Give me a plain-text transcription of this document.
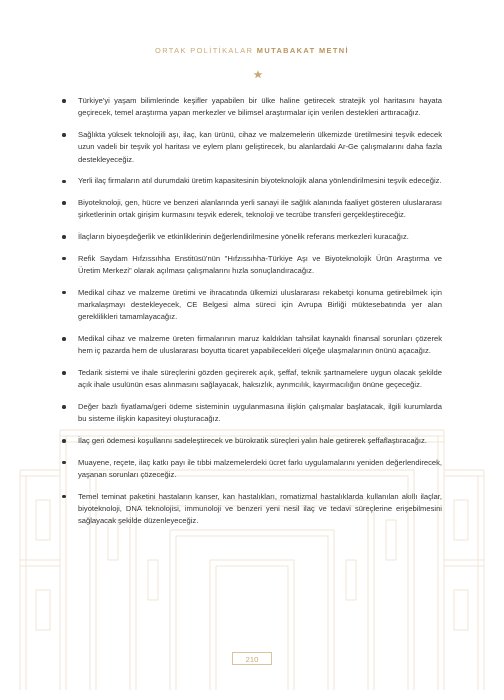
ORTAK POLİTİKALAR MUTABAKAT METNİ
Türkiye'yi yaşam bilimlerinde keşifler yapabilen bir ülke haline getirecek stratejik yol haritasını hayata geçirecek, temel araştırma yapan merkezler ve bilimsel araştırmalar için verilen destekleri arttıracağız.
Sağlıkta yüksek teknolojili aşı, ilaç, kan ürünü, cihaz ve malzemelerin ülkemizde üretilmesini teşvik edecek uzun vadeli bir teşvik yol haritası ve eylem planı geliştirecek, bu alanlardaki Ar-Ge çalışmalarını daha fazla destekleyeceğiz.
Yerli ilaç firmaların atıl durumdaki üretim kapasitesinin biyoteknolojik alana yönlendirilmesini teşvik edeceğiz.
Biyoteknoloji, gen, hücre ve benzeri alanlarında yerli sanayi ile sağlık alanında faaliyet gösteren uluslararası şirketlerinin ortak girişim kurmasını teşvik ederek, teknoloji ve tecrübe transferi gerçekleştireceğiz.
İlaçların biyoeşdeğerlik ve etkinliklerinin değerlendirilmesine yönelik referans merkezleri kuracağız.
Refik Saydam Hıfzıssıhha Enstitüsü'nün "Hıfzıssıhha-Türkiye Aşı ve Biyoteknolojik Ürün Araştırma ve Üretim Merkezi" olarak açılması çalışmalarını hızla sonuçlandıracağız.
Medikal cihaz ve malzeme üretimi ve ihracatında ülkemizi uluslararası rekabetçi konuma getirebilmek için markalaşmayı destekleyecek, CE Belgesi alma süreci için Avrupa Birliği müktesebatında yer alan gereklilikleri tamamlayacağız.
Medikal cihaz ve malzeme üreten firmalarının maruz kaldıkları tahsilat kaynaklı finansal sorunları çözerek hem iç pazarda hem de uluslararası boyutta ticaret yapabilecekleri ölçeğe ulaşmalarının önünü açacağız.
Tedarik sistemi ve ihale süreçlerini gözden geçirerek açık, şeffaf, teknik şartnamelere uygun olacak şekilde açık ihale usulünün esas alınmasını sağlayacak, haksızlık, ayrımcılık, kayırmacılığın önüne geçeceğiz.
Değer bazlı fiyatlama/geri ödeme sisteminin uygulanmasına ilişkin çalışmalar başlatacak, ilgili kurumlarda bu sisteme ilişkin kapasiteyi oluşturacağız.
İlaç geri ödemesi koşullarını sadeleştirecek ve bürokratik süreçleri yalın hale getirerek şeffaflaştıracağız.
Muayene, reçete, ilaç katkı payı ile tıbbi malzemelerdeki ücret farkı uygulamalarını yeniden değerlendirecek, yaşanan sorunları çözeceğiz.
Temel teminat paketini hastaların kanser, kan hastalıkları, romatizmal hastalıklarda kullanılan akıllı ilaçlar, biyoteknoloji, DNA teknolojisi, immunoloji ve benzeri yeni nesil ilaç ve tedavi süreçlerine erişebilmesini sağlayacak şekilde düzenleyeceğiz.
210
